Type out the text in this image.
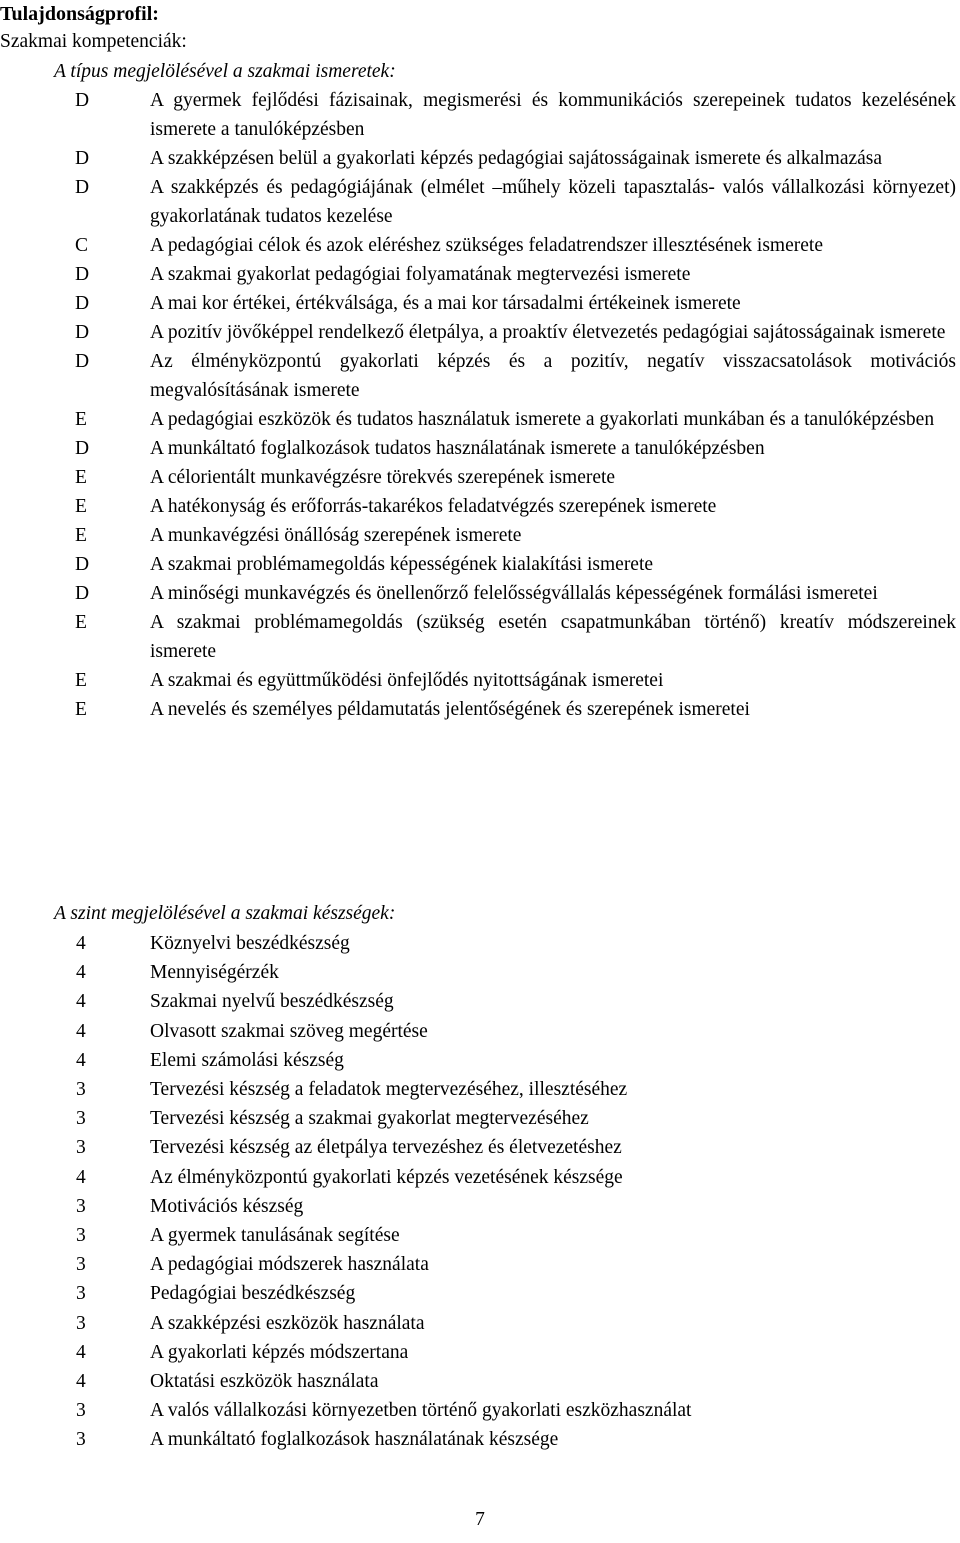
Tulajdonságprofil:

Szakmai kompetenciák:

A típus megjelölésével a szakmai ismeretek:

D	A gyermek fejlődési fázisainak, megismerési és kommunikációs szerepeinek tudatos kezelésének ismerete a tanulóképzésben
D	A szakképzésen belül a gyakorlati képzés pedagógiai sajátosságainak ismerete és alkalmazása
D	A szakképzés és pedagógiájának (elmélet –műhely közeli tapasztalás- valós vállalkozási környezet) gyakorlatának tudatos kezelése
C	A pedagógiai célok és azok eléréshez szükséges feladatrendszer illesztésének ismerete
D	A szakmai gyakorlat pedagógiai folyamatának megtervezési ismerete
D	A mai kor értékei, értékválsága, és a mai kor társadalmi értékeinek ismerete
D	A pozitív jövőképpel rendelkező életpálya, a proaktív életvezetés pedagógiai sajátosságainak ismerete
D	Az élményközpontú gyakorlati képzés és a pozitív, negatív visszacsatolások motivációs megvalósításának ismerete
E	A pedagógiai eszközök és tudatos használatuk ismerete a gyakorlati munkában és a tanulóképzésben
D	A munkáltató foglalkozások tudatos használatának ismerete a tanulóképzésben
E	A célorientált munkavégzésre törekvés szerepének ismerete
E	A hatékonyság és erőforrás-takarékos feladatvégzés szerepének ismerete
E	A munkavégzési önállóság szerepének ismerete
D	A szakmai problémamegoldás képességének kialakítási ismerete
D	A minőségi munkavégzés és önellenőrző felelősségvállalás képességének formálási ismeretei
E	A szakmai problémamegoldás (szükség esetén csapatmunkában történő) kreatív módszereinek ismerete
E	A szakmai és együttműködési önfejlődés nyitottságának ismeretei
E	A nevelés és személyes példamutatás jelentőségének és szerepének ismeretei

A szint megjelölésével a szakmai készségek:

4	Köznyelvi beszédkészség
4	Mennyiségérzék
4	Szakmai nyelvű beszédkészség
4	Olvasott szakmai szöveg megértése
4	Elemi számolási készség
3	Tervezési készség a feladatok megtervezéséhez, illesztéséhez
3	Tervezési készség a szakmai gyakorlat megtervezéséhez
3	Tervezési készség az életpálya tervezéshez és életvezetéshez
4	Az élményközpontú gyakorlati képzés vezetésének készsége
3	Motivációs készség
3	A gyermek tanulásának segítése
3	A pedagógiai módszerek használata
3	Pedagógiai beszédkészség
3	A szakképzési eszközök használata
4	A gyakorlati képzés módszertana
4	Oktatási eszközök használata
3	A valós vállalkozási környezetben történő gyakorlati eszközhasználat
3	A munkáltató foglalkozások használatának készsége

7
